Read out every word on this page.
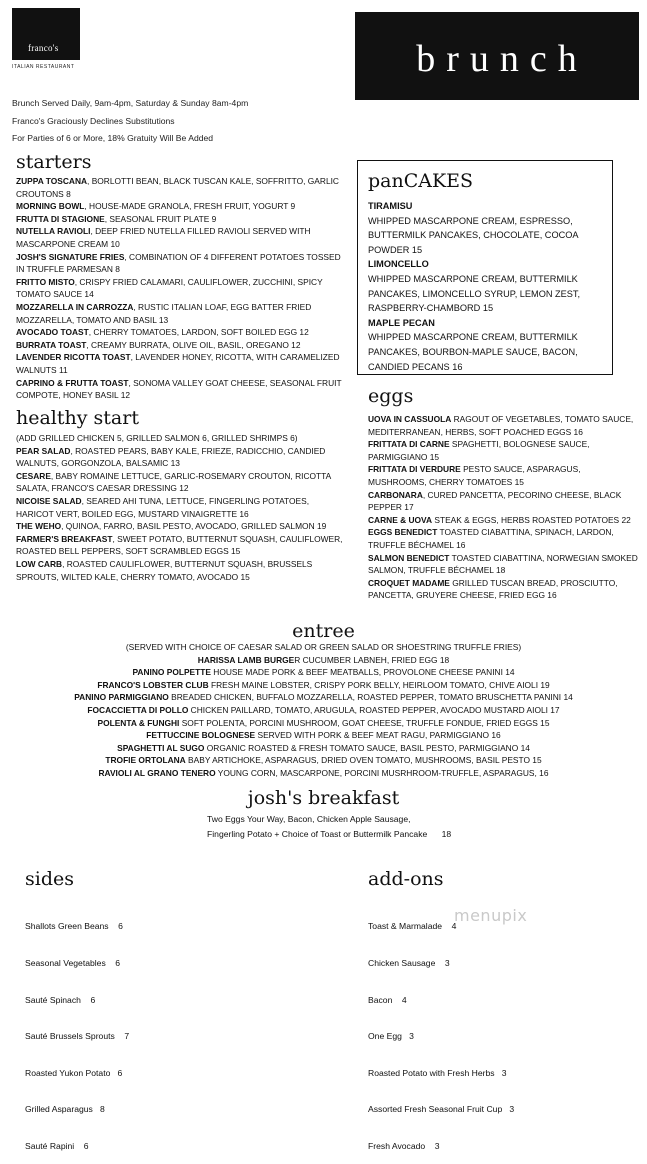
franco's
ITALIAN RESTAURANT	brunch
Brunch Served Daily, 9am-4pm, Saturday & Sunday 8am-4pm
Franco's Graciously Declines Substitutions
For Parties of 6 or More, 18% Gratuity Will Be Added
starters
ZUPPA TOSCANA, BORLOTTI BEAN, BLACK TUSCAN KALE, SOFFRITTO, GARLIC CROUTONS 8
MORNING BOWL, HOUSE-MADE GRANOLA, FRESH FRUIT, YOGURT 9
FRUTTA DI STAGIONE, SEASONAL FRUIT PLATE 9
NUTELLA RAVIOLI, DEEP FRIED NUTELLA FILLED RAVIOLI SERVED WITH MASCARPONE CREAM 10
JOSH'S SIGNATURE FRIES, COMBINATION OF 4 DIFFERENT POTATOES TOSSED IN TRUFFLE PARMESAN 8
FRITTO MISTO, CRISPY FRIED CALAMARI, CAULIFLOWER, ZUCCHINI, SPICY TOMATO SAUCE 14
MOZZARELLA IN CARROZZA, RUSTIC ITALIAN LOAF, EGG BATTER FRIED MOZZARELLA, TOMATO AND BASIL 13
AVOCADO TOAST, CHERRY TOMATOES, LARDON, SOFT BOILED EGG 12
BURRATA TOAST, CREAMY BURRATA, OLIVE OIL, BASIL, OREGANO 12
LAVENDER RICOTTA TOAST, LAVENDER HONEY, RICOTTA, WITH CARAMELIZED WALNUTS 11
CAPRINO & FRUTTA TOAST, SONOMA VALLEY GOAT CHEESE, SEASONAL FRUIT COMPOTE, HONEY BASIL 12
healthy start
(ADD GRILLED CHICKEN 5, GRILLED SALMON 6, GRILLED SHRIMPS 6)
PEAR SALAD, ROASTED PEARS, BABY KALE, FRIEZE, RADICCHIO, CANDIED WALNUTS, GORGONZOLA, BALSAMIC 13
CESARE, BABY ROMAINE LETTUCE, GARLIC-ROSEMARY CROUTON, RICOTTA SALATA, FRANCO'S CAESAR DRESSING 12
NICOISE SALAD, SEARED AHI TUNA, LETTUCE, FINGERLING POTATOES, HARICOT VERT, BOILED EGG, MUSTARD VINAIGRETTE 16
THE WEHO, QUINOA, FARRO, BASIL PESTO, AVOCADO, GRILLED SALMON 19
FARMER'S BREAKFAST, SWEET POTATO, BUTTERNUT SQUASH, CAULIFLOWER, ROASTED BELL PEPPERS, SOFT SCRAMBLED EGGS 15
LOW CARB, ROASTED CAULIFLOWER, BUTTERNUT SQUASH, BRUSSELS SPROUTS, WILTED KALE, CHERRY TOMATO, AVOCADO 15
panCAKES
TIRAMISU
WHIPPED MASCARPONE CREAM, ESPRESSO, BUTTERMILK PANCAKES, CHOCOLATE, COCOA POWDER 15
LIMONCELLO
WHIPPED MASCARPONE CREAM, BUTTERMILK PANCAKES, LIMONCELLO SYRUP, LEMON ZEST, RASPBERRY-CHAMBORD 15
MAPLE PECAN
WHIPPED MASCARPONE CREAM, BUTTERMILK PANCAKES, BOURBON-MAPLE SAUCE, BACON, CANDIED PECANS 16
eggs
UOVA IN CASSUOLA RAGOUT OF VEGETABLES, TOMATO SAUCE, MEDITERRANEAN, HERBS, SOFT POACHED EGGS 16
FRITTATA DI CARNE SPAGHETTI, BOLOGNESE SAUCE, PARMIGGIANO 15
FRITTATA DI VERDURE PESTO SAUCE, ASPARAGUS, MUSHROOMS, CHERRY TOMATOES 15
CARBONARA, CURED PANCETTA, PECORINO CHEESE, BLACK PEPPER 17
CARNE & UOVA STEAK & EGGS, HERBS ROASTED POTATOES 22
EGGS BENEDICT TOASTED CIABATTINA, SPINACH, LARDON, TRUFFLE BÉCHAMEL 16
SALMON BENEDICT TOASTED CIABATTINA, NORWEGIAN SMOKED SALMON, TRUFFLE BÉCHAMEL 18
CROQUET MADAME GRILLED TUSCAN BREAD, PROSCIUTTO, PANCETTA, GRUYERE CHEESE, FRIED EGG 16
entree
(SERVED WITH CHOICE OF CAESAR SALAD OR GREEN SALAD OR SHOESTRING TRUFFLE FRIES)
HARISSA LAMB BURGER CUCUMBER LABNEH, FRIED EGG 18
PANINO POLPETTE HOUSE MADE PORK & BEEF MEATBALLS, PROVOLONE CHEESE PANINI 14
FRANCO'S LOBSTER CLUB FRESH MAINE LOBSTER, CRISPY PORK BELLY, HEIRLOOM TOMATO, CHIVE AIOLI 19
PANINO PARMIGGIANO BREADED CHICKEN, BUFFALO MOZZARELLA, ROASTED PEPPER, TOMATO BRUSCHETTA PANINI 14
FOCACCIETTA DI POLLO CHICKEN PAILLARD, TOMATO, ARUGULA, ROASTED PEPPER, AVOCADO MUSTARD AIOLI 17
POLENTA & FUNGHI SOFT POLENTA, PORCINI MUSHROOM, GOAT CHEESE, TRUFFLE FONDUE, FRIED EGGS 15
FETTUCCINE BOLOGNESE SERVED WITH PORK & BEEF MEAT RAGU, PARMIGGIANO 16
SPAGHETTI AL SUGO ORGANIC ROASTED & FRESH TOMATO SAUCE, BASIL PESTO, PARMIGGIANO 14
TROFIE ORTOLANA BABY ARTICHOKE, ASPARAGUS, DRIED OVEN TOMATO, MUSHROOMS, BASIL PESTO 15
RAVIOLI AL GRANO TENERO YOUNG CORN, MASCARPONE, PORCINI MUSRHROOM-TRUFFLE, ASPARAGUS, 16
josh's breakfast
Two Eggs Your Way, Bacon, Chicken Apple Sausage,
Fingerling Potato + Choice of Toast or Buttermilk Pancake 18
sides

Shallots Green Beans    6

Seasonal Vegetables    6

Sauté Spinach    6

Sauté Brussels Sprouts    7

Roasted Yukon Potato   6

Grilled Asparagus   8

Sauté Rapini    6

add-ons

Toast & Marmalade    4

Chicken Sausage    3

Bacon    4

One Egg   3

Roasted Potato with Fresh Herbs   3

Assorted Fresh Seasonal Fruit Cup   3

Fresh Avocado    3

menupix
